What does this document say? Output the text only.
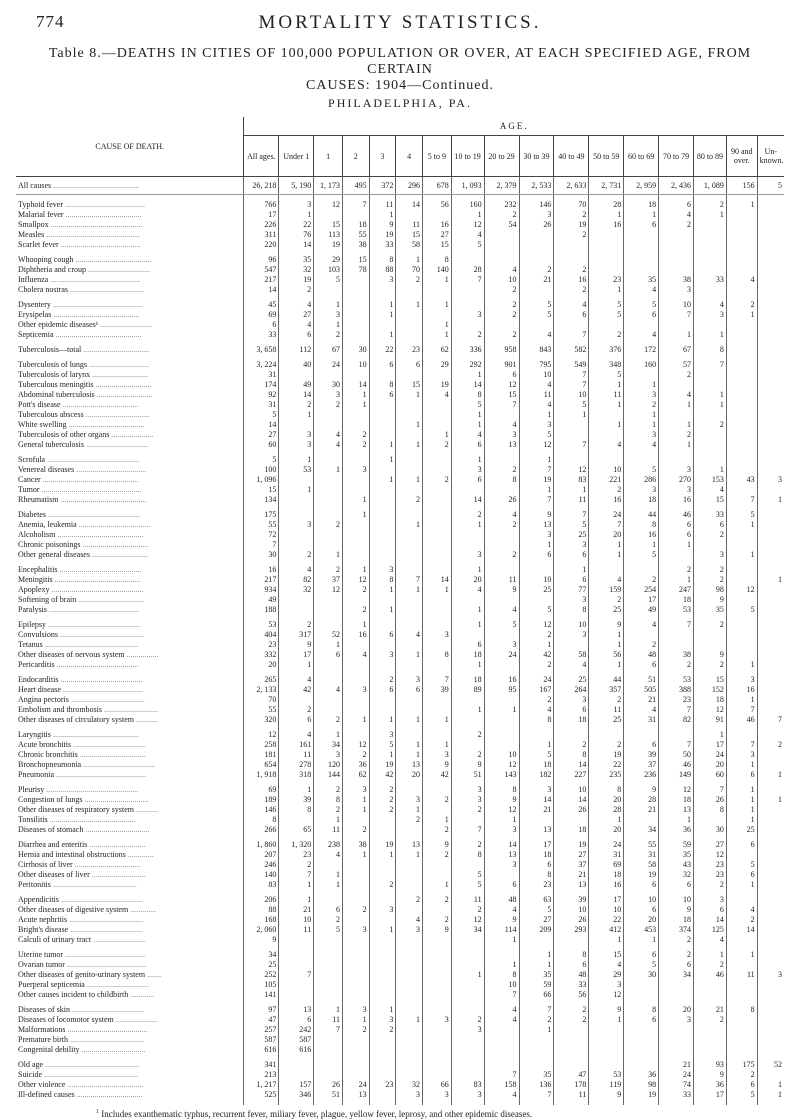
774	MORTALITY STATISTICS.
Table 8.—DEATHS IN CITIES OF 100,000 POPULATION OR OVER, AT EACH SPECIFIED AGE, FROM CERTAIN
CAUSES: 1904—Continued.
PHILADELPHIA, PA.
CAUSE OF DEATH.	AGE.																
	All ages.	Under 1	1	2	3	4	5 to 9	10 to 19	20 to 29	30 to 39	40 to 49	50 to 59	60 to 69	70 to 79	80 to 89	90 and over.	Un- known.
All causes ...........................................	26, 218	5, 190	1, 173	495	372	296	678	1, 093	2, 379	2, 533	2, 633	2, 731	2, 959	2, 436	1, 089	156	5

Typhoid fever ........................................	766	3	12	7	11	14	56	160	232	146	70	28	18	6	2	1	
Malarial fever ......................................	17	1			1			1	2	3	2	1	1	4	1		
Smallpox ..............................................	226	22	15	18	9	11	16	12	54	26	19	16	6	2			
Measles ...............................................	311	76	113	55	19	15	27	4			2						
Scarlet fever ........................................	220	14	19	38	33	58	15	5									

Whooping cough ......................................	96	35	29	15	8	1	8										
Diphtheria and croup ...............................	547	32	103	78	88	70	140	28	4	2	2						
Influenza .............................................	217	19	5		3	2	1	7	10	21	16	23	35	38	33	4	
Cholera nostras .....................................	14	2							2		2	1	4	3			

Dysentery .............................................	45	4	1		1	1	1		2	5	4	5	5	10	4	2	
Erysipelas ...........................................	69	27	3		1			3	2	5	6	5	6	7	3	1	
Other epidemic diseases¹ ..........................	6	4	1				1										
Septicemia ...........................................	33	6	2		1		1	2	2	4	7	2	4	1	1		

Tuberculosis—total .................................	3, 658	112	67	30	22	23	62	336	958	843	582	376	172	67	8		

Tuberculosis of lungs ..............................	3, 224	40	24	10	6	6	29	292	901	795	549	348	160	57	7		
Tuberculosis of larynx ............................	31							1	6	10	7	5		2			
Tuberculous meningitis ............................	174	49	30	14	8	15	19	14	12	4	7	1	1				
Abdominal tuberculosis ............................	92	14	3	1	6	1	4	8	15	11	10	11	3	4	1		
Pott's disease ......................................	31	2	2	1				5	7	4	5	1	2	1	1		
Tuberculous abscess ................................	5	1						1		1	1		1				
White swelling ......................................	14					1		1	4	3		1	1	1	2		
Tuberculosis of other organs .....................	27	3	4	2			1	4	3	5			3	2			
General tuberculosis ...............................	60	3	4	2	1	1	2	6	13	12	7	4	4	1			

Scrofula ..............................................	5	1			1			1		1							
Venereal diseases ...................................	100	53	1	3				3	2	7	12	10	5	3	1		
Cancer ................................................	1, 096				1	1	2	6	8	19	83	221	286	270	153	43	3
Tumor ..................................................	15	1								1	1	2	3	3	4		
Rheumatism ...........................................	134			1		2		14	26	7	11	16	18	16	15	7	1

Diabetes ..............................................	175			1				2	4	9	7	24	44	46	33	5	
Anemia, leukemia ....................................	55	3	2			1		1	2	13	5	7	8	6	6	1	
Alcoholism ...........................................	72									3	25	20	16	6	2		
Chronic poisonings .................................	7									1	3	1	1	1			
Other general diseases ............................	30	2	1					3	2	6	6	1	5		3	1	

Encephalitis .........................................	16	4	2	1	3			1			1			2	2		
Meningitis ...........................................	217	82	37	12	8	7	14	20	11	10	6	4	2	1	2		1
Apoplexy ..............................................	934	32	12	2	1	1	1	4	9	25	77	159	254	247	98	12	
Softening of brain .................................	49										3	2	17	18	9		
Paralysis .............................................	188			2	1			1	4	5	8	25	49	53	35	5	

Epilepsy ..............................................	53	2		1				1	5	12	10	9	4	7	2		
Convulsions ..........................................	404	317	52	16	6	4	3			2	3	1					
Tetanus ...............................................	23	9	1					6	3	1		1	2				
Other diseases of nervous system ................	332	17	6	4	3	1	8	18	24	42	58	56	48	38	9		
Pericarditis .........................................	20	1						1		2	4	1	6	2	2	1	

Endocarditis .........................................	265	4			2	3	7	18	16	24	25	44	51	53	15	3	
Heart disease ........................................	2, 133	42	4	3	6	6	39	89	95	167	264	357	505	388	152	16	
Angina pectoris .....................................	70									2	3	2	21	23	18	1	
Embolism and thrombosis ...........................	55	2						1	1	4	6	11	4	7	12	7	
Other diseases of circulatory system ...........	320	6	2	1	1	1	1			8	18	25	31	82	91	46	7

Laryngitis ...........................................	12	4	1		3			2							1		
Acute bronchitis ....................................	258	161	34	12	5	1	1			1	2	2	6	7	17	7	2
Chronic bronchitis .................................	181	11	3	2	1	1	3	2	10	5	8	19	39	50	24	3	
Bronchopneumonia ....................................	654	278	120	36	19	13	9	9	12	18	14	22	37	46	20	1	
Pneumonia .............................................	1, 918	318	144	62	42	20	42	51	143	182	227	235	236	149	60	6	1

Pleurisy ..............................................	69	1	2	3	2			3	8	3	10	8	9	12	7	1	
Congestion of lungs ................................	189	39	8	1	2	3	2	3	9	14	14	20	28	18	26	1	1
Other diseases of respiratory system ...........	146	8	2	1	2	1		2	12	21	26	28	21	13	8	1	
Tonsilitis ...........................................	8		1			2	1		1			1		1		1	
Diseases of stomach ................................	266	65	11	2			2	7	3	13	18	20	34	36	30	25	

Diarrhea and enteritis ............................	1, 860	1, 320	238	38	19	13	9	2	14	17	19	24	55	59	27	6	
Hernia and intestinal obstructions .............	207	23	4	1	1	1	2	8	13	18	27	31	31	35	12		
Cirrhosis of liver .................................	246	2							3	6	37	69	58	43	23	5	
Other diseases of liver ...........................	140	7	1					5		8	21	18	19	32	23	6	
Peritonitis ..........................................	83	1	1		2		1	5	6	23	13	16	6	6	2	1	

Appendicitis .........................................	206	1				2	2	11	48	63	39	17	10	10	3		
Other diseases of digestive system .............	88	21	6	2	3			2	4	5	10	10	6	9	6	4	
Acute nephritis .....................................	168	10	2			4	2	12	9	27	26	22	20	18	14	2	
Bright's disease ....................................	2, 060	11	5	3	1	3	9	34	114	209	293	412	453	374	125	14	
Calculi of urinary tract ..........................	9								1			1	1	2	4		

Uterine tumor ........................................	34									1	8	15	6	2	1	1	
Ovarian tumor ........................................	25								1	1	6	4	5	6	2		
Other diseases of genito-urinary system .......	252	7						1	8	35	48	29	30	34	46	11	3
Puerperal septicemia ...............................	105								10	59	33	3					
Other causes incident to childbirth ............	141								7	66	56	12					

Diseases of skin ....................................	97	13	1	3	1				4	7	2	9	8	20	21	8	
Diseases of locomotor system .....................	47	6	11	1	3	1	3	2	4	2	2	1	6	3	2		
Malformations ........................................	257	242	7	2	2			3		1							
Premature birth .....................................	587	587															
Congenital debility ................................	616	616															

Old age ...............................................	341													21	93	175	52
Suicide ...............................................	213								7	35	47	53	36	24	9	2	
Other violence ......................................	1, 217	157	26	24	23	32	66	83	158	136	178	119	98	74	36	6	1
Ill-defined causes .................................	525	346	51	13		3	3	3	4	7	11	9	19	33	17	5	1

$^1$ Includes exanthematic typhus, recurrent fever, miliary fever, plague, yellow fever, leprosy, and other epidemic diseases.
